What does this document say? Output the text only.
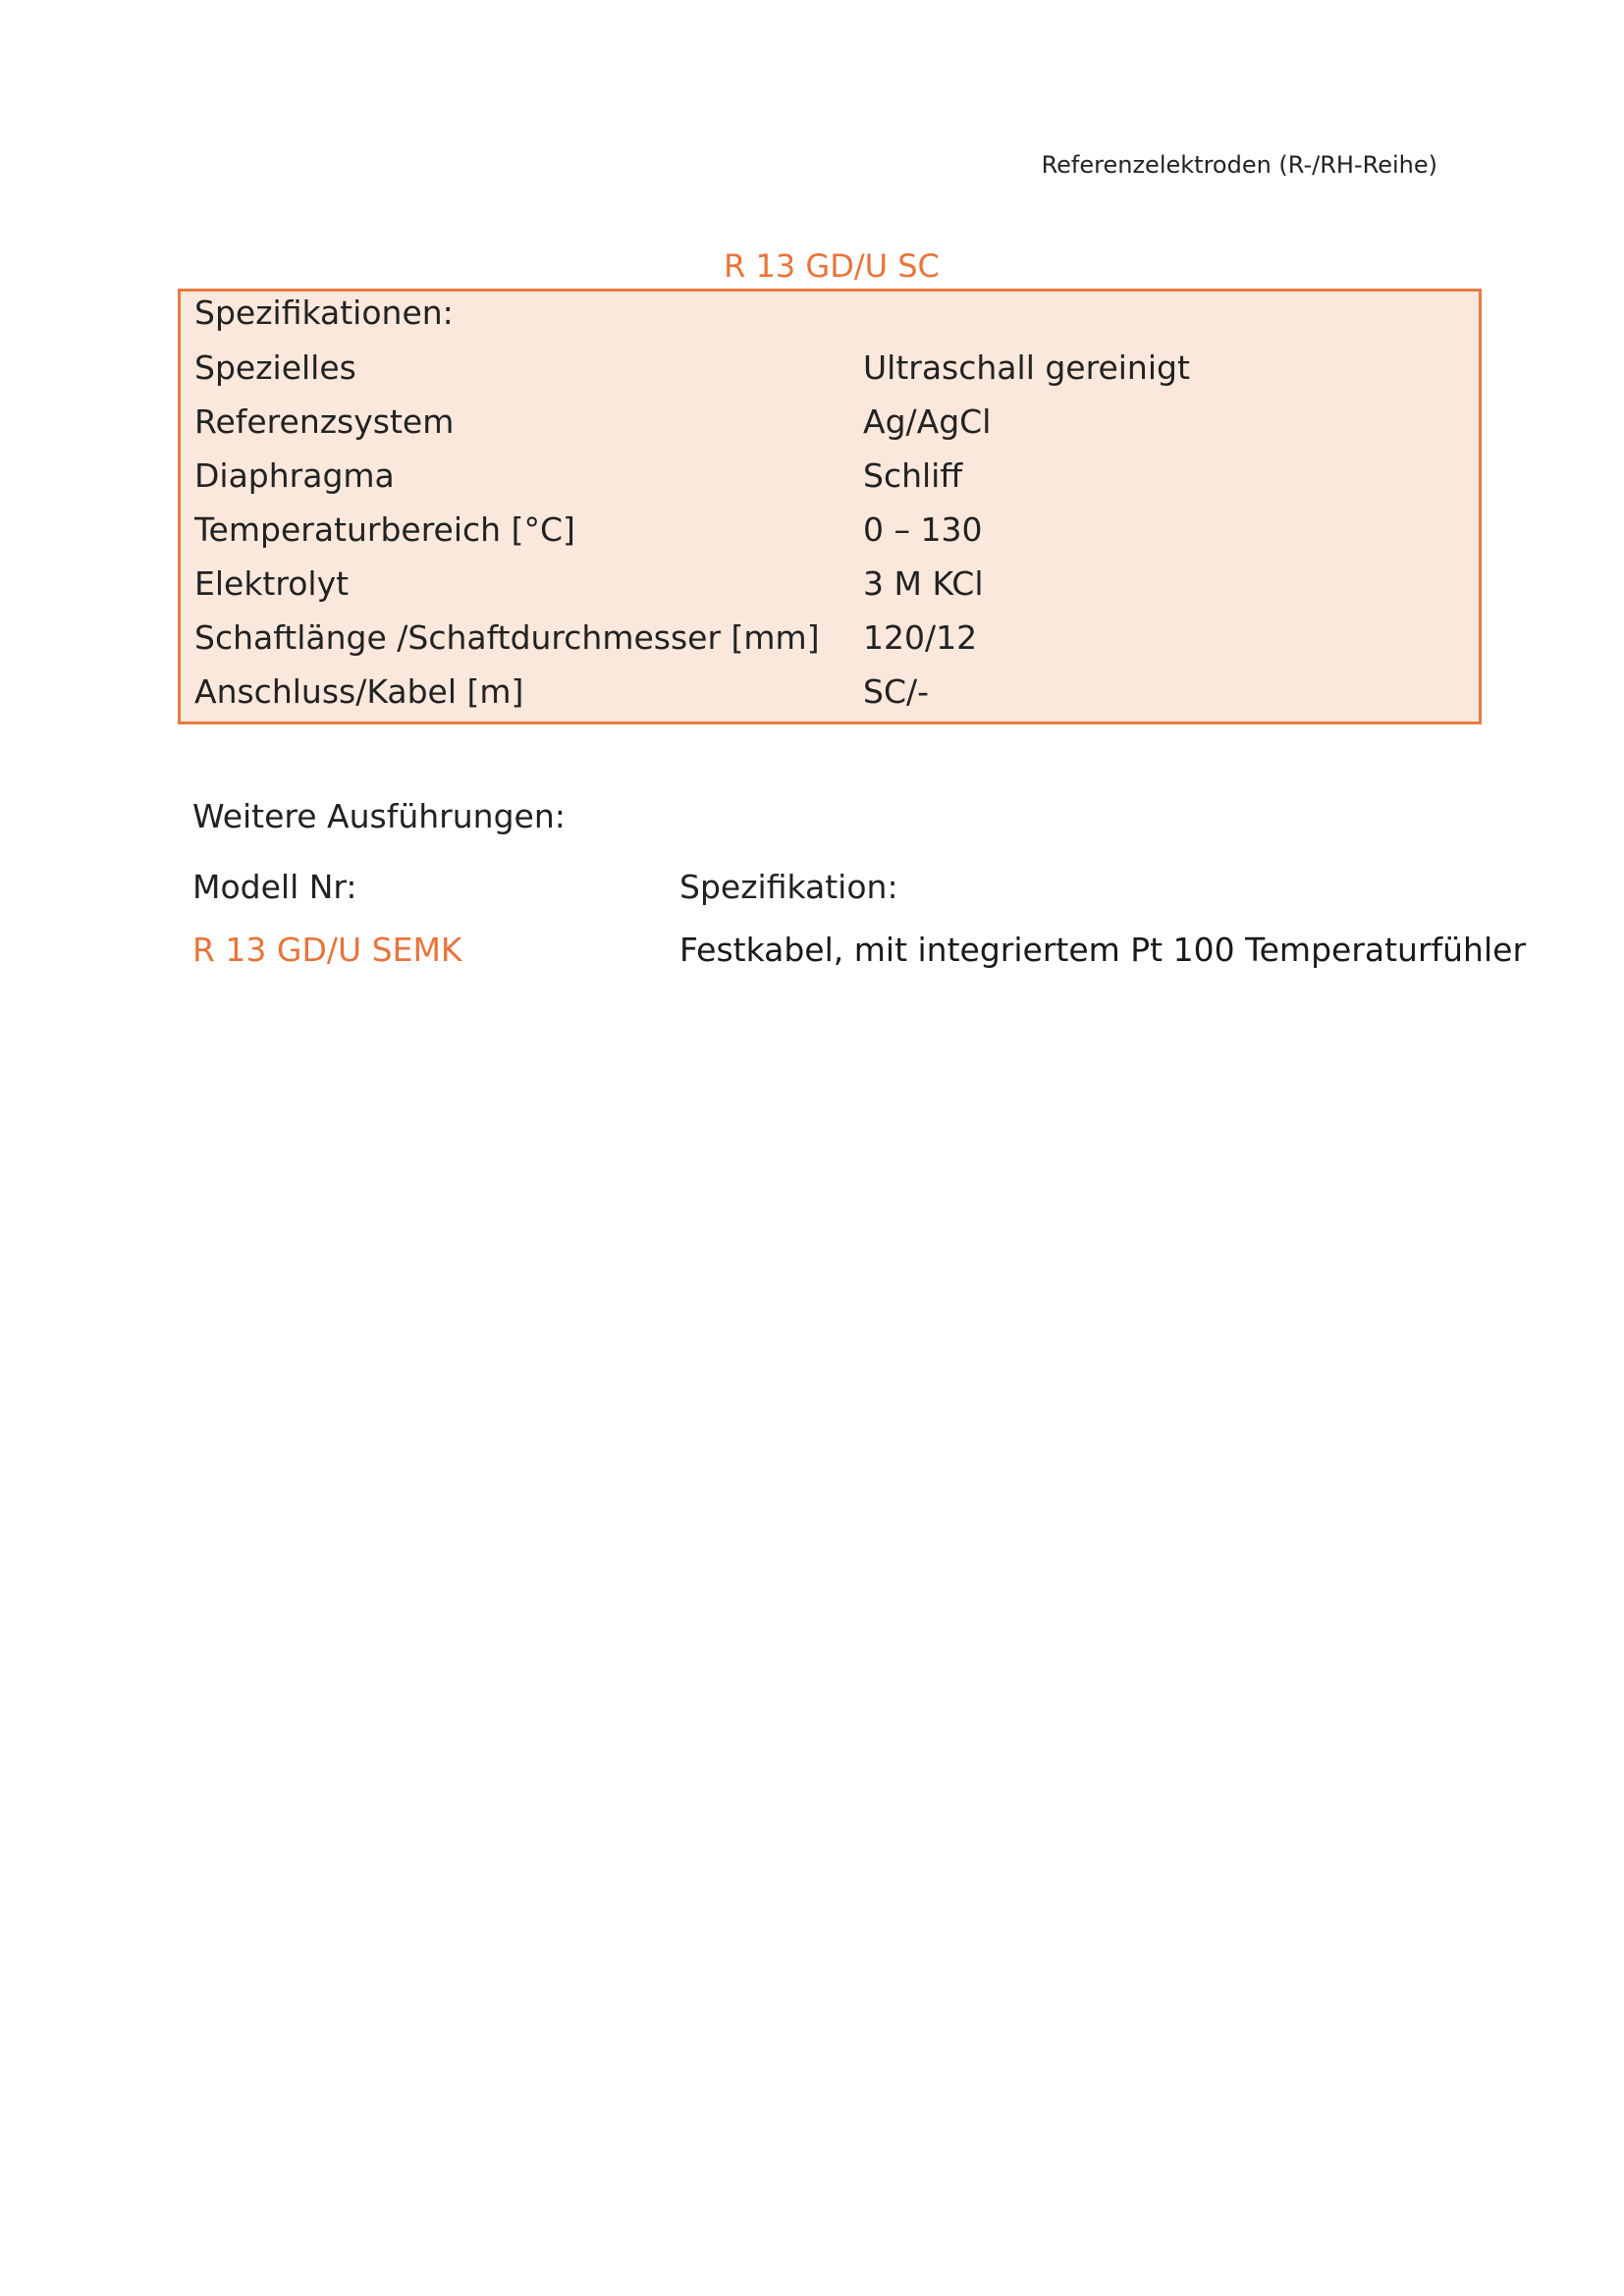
Referenzelektroden (R-/RH-Reihe)
R 13 GD/U SC
Spezifikationen:
Spezielles	Ultraschall gereinigt
Referenzsystem	Ag/AgCl
Diaphragma	Schliff
Temperaturbereich [°C]	0 – 130
Elektrolyt	3 M KCl
Schaftlänge /Schaftdurchmesser [mm] 120/12
Anschluss/Kabel [m]	SC/-
Weitere Ausführungen:
Modell Nr:	Spezifikation:
R 13 GD/U SEMK	Festkabel, mit integriertem Pt 100 Temperaturfühler
